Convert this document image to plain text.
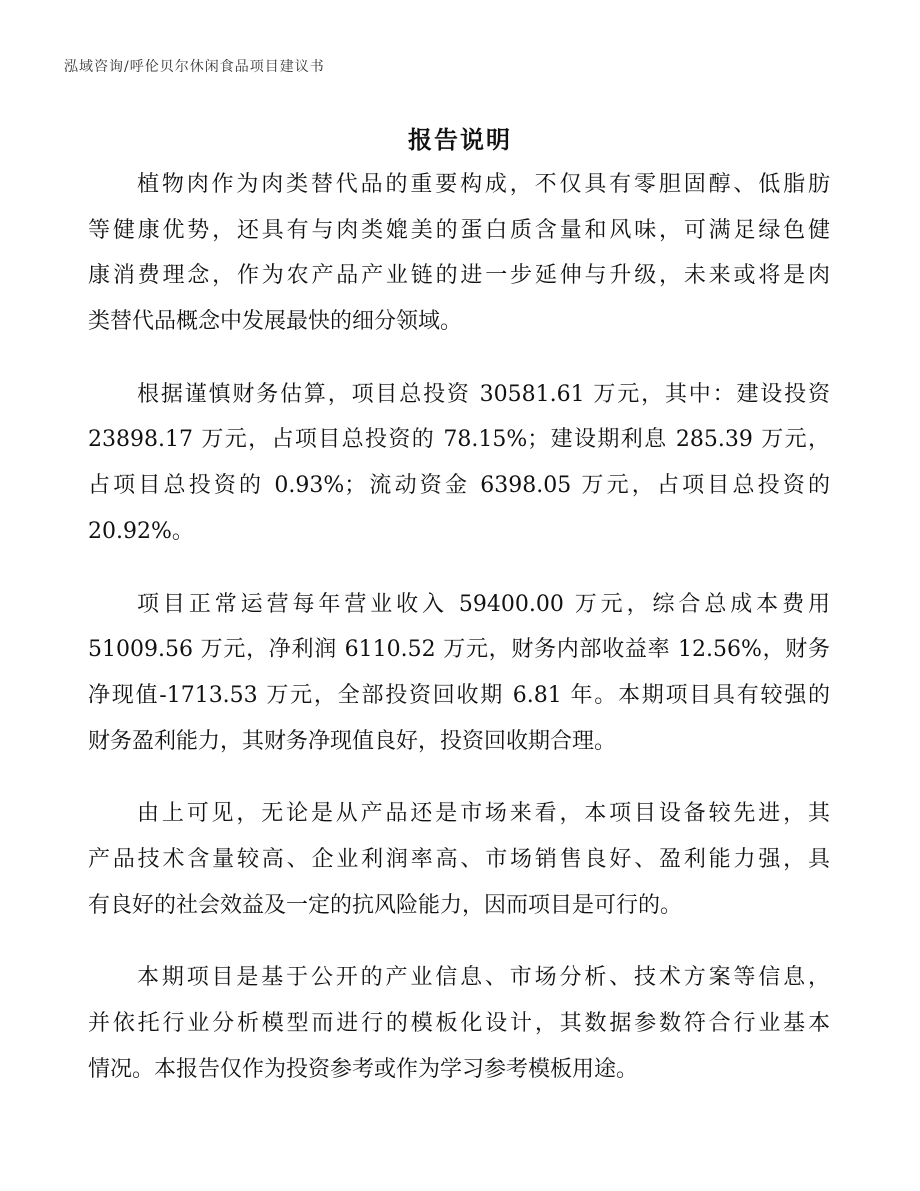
泓域咨询/呼伦贝尔休闲食品项目建议书
报告说明
植物肉作为肉类替代品的重要构成，不仅具有零胆固醇、低脂肪
等健康优势，还具有与肉类媲美的蛋白质含量和风味，可满足绿色健
康消费理念，作为农产品产业链的进一步延伸与升级，未来或将是肉
类替代品概念中发展最快的细分领域。
根据谨慎财务估算，项目总投资 30581.61 万元，其中：建设投资
23898.17 万元，占项目总投资的 78.15%；建设期利息 285.39 万元，
占项目总投资的 0.93%；流动资金 6398.05 万元，占项目总投资的
20.92%。
项目正常运营每年营业收入 59400.00 万元，综合总成本费用
51009.56 万元，净利润 6110.52 万元，财务内部收益率 12.56%，财务
净现值-1713.53 万元，全部投资回收期 6.81 年。本期项目具有较强的
财务盈利能力，其财务净现值良好，投资回收期合理。
由上可见，无论是从产品还是市场来看，本项目设备较先进，其
产品技术含量较高、企业利润率高、市场销售良好、盈利能力强，具
有良好的社会效益及一定的抗风险能力，因而项目是可行的。
本期项目是基于公开的产业信息、市场分析、技术方案等信息，
并依托行业分析模型而进行的模板化设计，其数据参数符合行业基本
情况。本报告仅作为投资参考或作为学习参考模板用途。
